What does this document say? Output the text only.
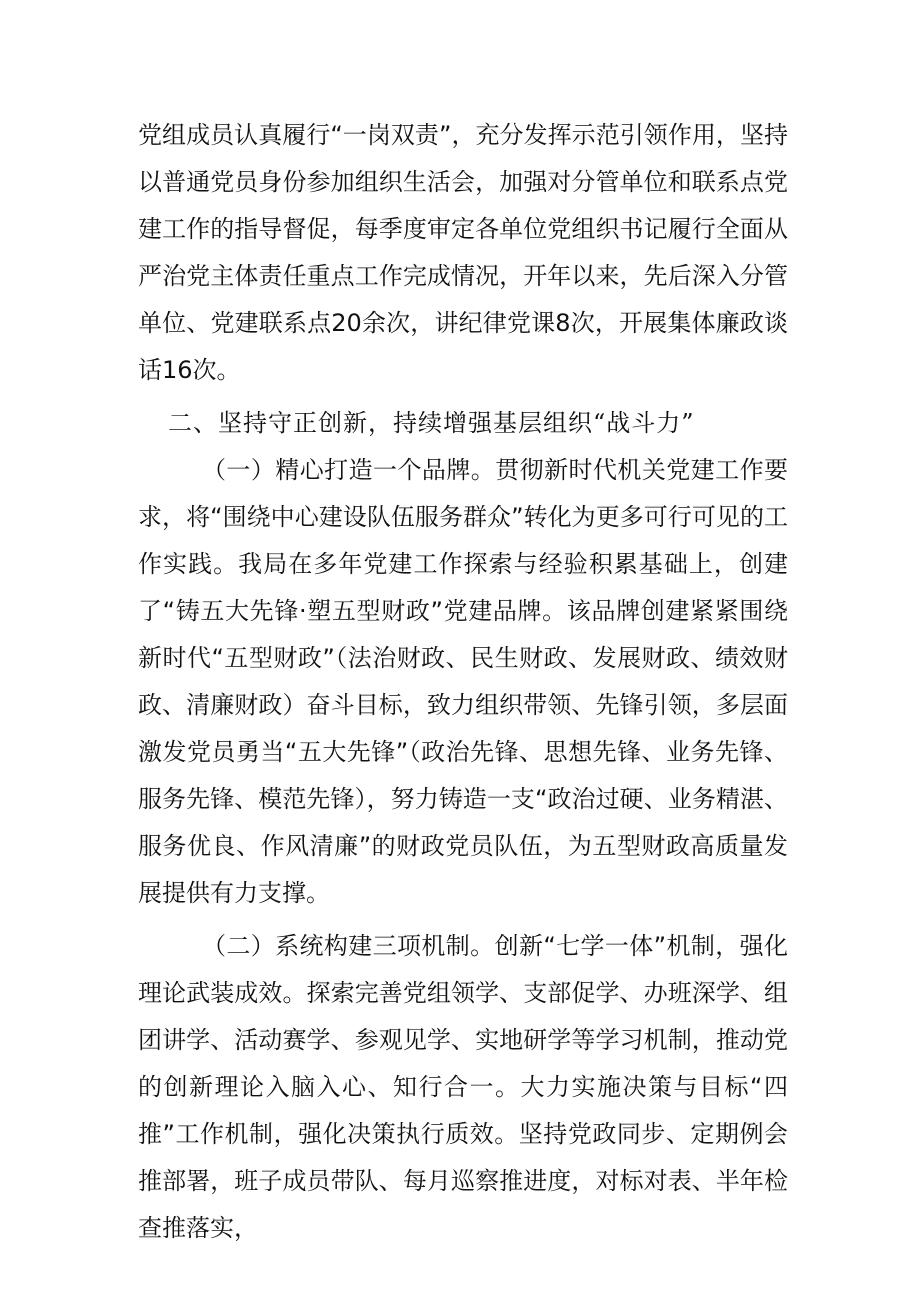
党组成员认真履行“一岗双责”，充分发挥示范引领作用，坚持以普通党员身份参加组织生活会，加强对分管单位和联系点党建工作的指导督促，每季度审定各单位党组织书记履行全面从严治党主体责任重点工作完成情况，开年以来，先后深入分管单位、党建联系点20余次，讲纪律党课8次，开展集体廉政谈话16次。

二、坚持守正创新，持续增强基层组织“战斗力”

（一）精心打造一个品牌。贯彻新时代机关党建工作要求，将“围绕中心建设队伍服务群众”转化为更多可行可见的工作实践。我局在多年党建工作探索与经验积累基础上，创建了“铸五大先锋·塑五型财政”党建品牌。该品牌创建紧紧围绕新时代“五型财政”（法治财政、民生财政、发展财政、绩效财政、清廉财政）奋斗目标，致力组织带领、先锋引领，多层面激发党员勇当“五大先锋”（政治先锋、思想先锋、业务先锋、服务先锋、模范先锋），努力铸造一支“政治过硬、业务精湛、服务优良、作风清廉”的财政党员队伍，为五型财政高质量发展提供有力支撑。

（二）系统构建三项机制。创新“七学一体”机制，强化理论武装成效。探索完善党组领学、支部促学、办班深学、组团讲学、活动赛学、参观见学、实地研学等学习机制，推动党的创新理论入脑入心、知行合一。大力实施决策与目标“四推”工作机制，强化决策执行质效。坚持党政同步、定期例会推部署，班子成员带队、每月巡察推进度，对标对表、半年检查推落实，
